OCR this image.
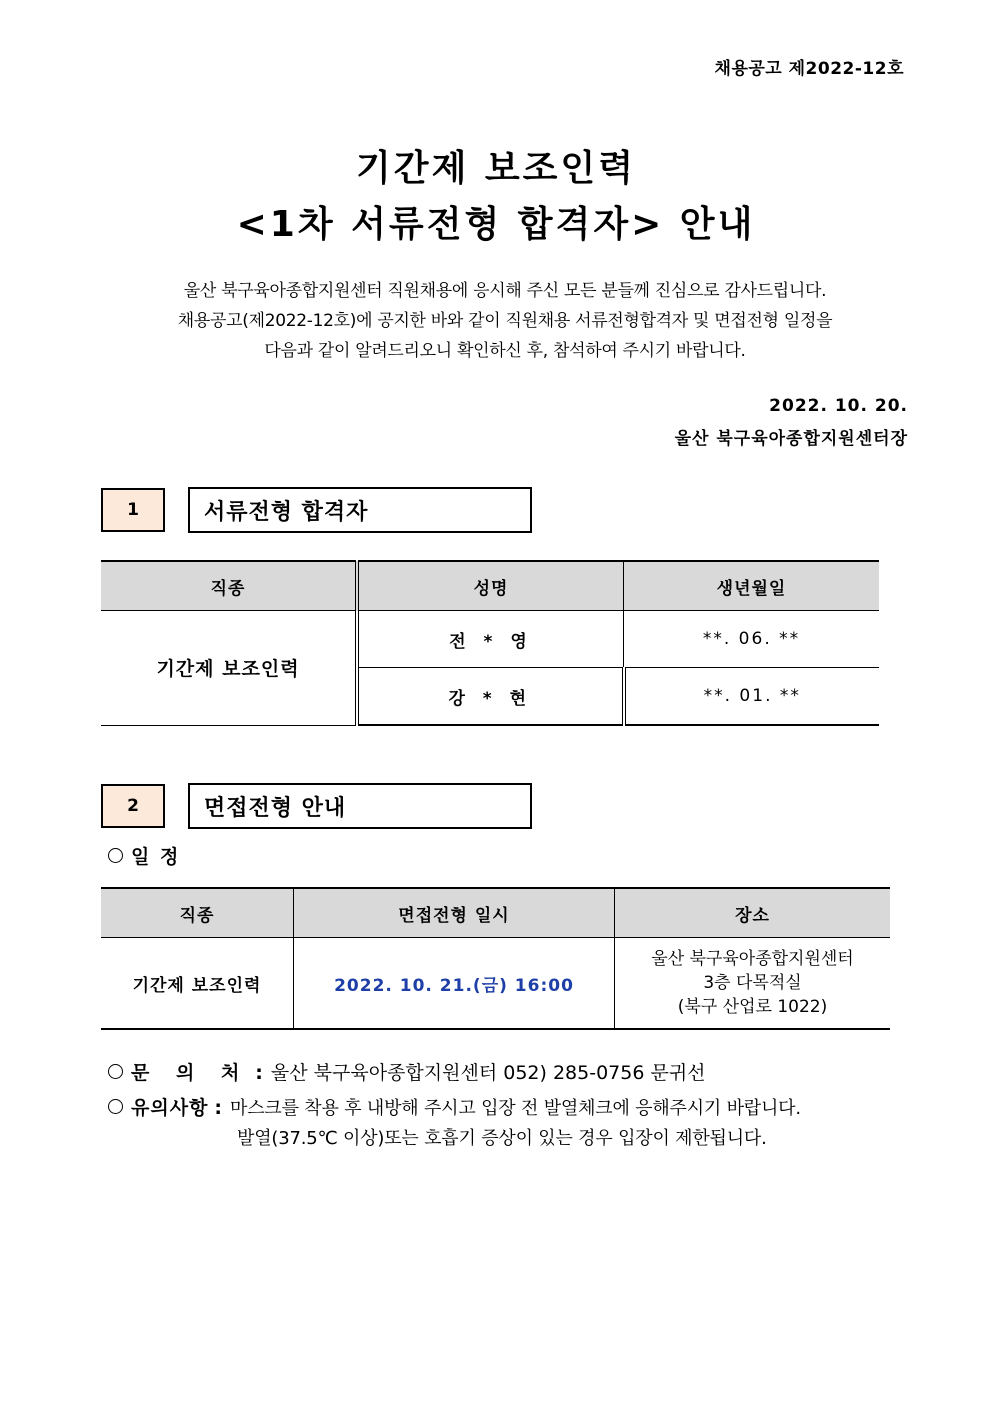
채용공고 제2022-12호
기간제 보조인력
<1차 서류전형 합격자> 안내
울산 북구육아종합지원센터 직원채용에 응시해 주신 모든 분들께 진심으로 감사드립니다.
채용공고(제2022-12호)에 공지한 바와 같이 직원채용 서류전형합격자 및 면접전형 일정을
다음과 같이 알려드리오니 확인하신 후, 참석하여 주시기 바랍니다.
2022. 10. 20.
울산 북구육아종합지원센터장
1	서류전형 합격자
직종	성명	생년월일
기간제 보조인력	전 * 영	**. 06. **
	강 * 현	**. 01. **
2	면접전형 안내
일 정
직종	면접전형 일시	장소
기간제 보조인력	2022. 10. 21.(금) 16:00	울산 북구육아종합지원센터
3층 다목적실
(북구 산업로 1022)
문 의 처 : 울산 북구육아종합지원센터 052) 285-0756 문귀선
유의사항 : 마스크를 착용 후 내방해 주시고 입장 전 발열체크에 응해주시기 바랍니다.
발열(37.5℃ 이상)또는 호흡기 증상이 있는 경우 입장이 제한됩니다.
